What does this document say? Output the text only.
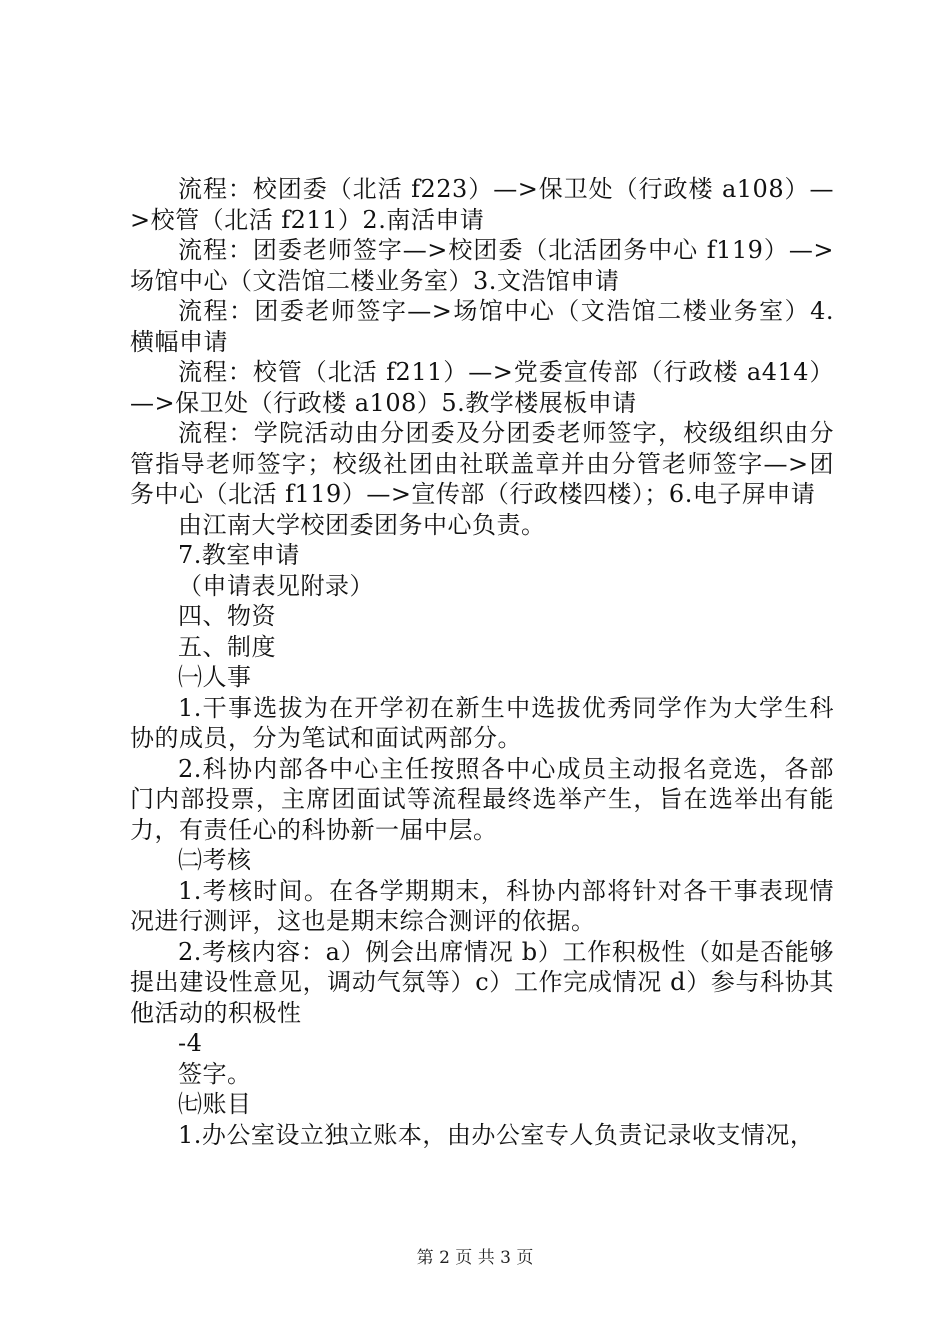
流程：校团委（北活 f223）—>保卫处（行政楼 a108）—>校管（北活 f211）2.南活申请

流程：团委老师签字—>校团委（北活团务中心 f119）—>场馆中心（文浩馆二楼业务室）3.文浩馆申请

流程：团委老师签字—>场馆中心（文浩馆二楼业务室）4.横幅申请

流程：校管（北活 f211）—>党委宣传部（行政楼 a414）—>保卫处（行政楼 a108）5.教学楼展板申请

流程：学院活动由分团委及分团委老师签字，校级组织由分管指导老师签字；校级社团由社联盖章并由分管老师签字—>团务中心（北活 f119）—>宣传部（行政楼四楼）；6.电子屏申请

由江南大学校团委团务中心负责。

7.教室申请

（申请表见附录）

四、物资

五、制度

㈠人事

1.干事选拔为在开学初在新生中选拔优秀同学作为大学生科协的成员，分为笔试和面试两部分。

2.科协内部各中心主任按照各中心成员主动报名竞选，各部门内部投票，主席团面试等流程最终选举产生，旨在选举出有能力，有责任心的科协新一届中层。

㈡考核

1.考核时间。在各学期期末，科协内部将针对各干事表现情况进行测评，这也是期末综合测评的依据。

2.考核内容：a）例会出席情况 b）工作积极性（如是否能够提出建设性意见，调动气氛等）c）工作完成情况 d）参与科协其他活动的积极性

-4

签字。

㈦账目

1.办公室设立独立账本，由办公室专人负责记录收支情况，

第 2 页 共 3 页
